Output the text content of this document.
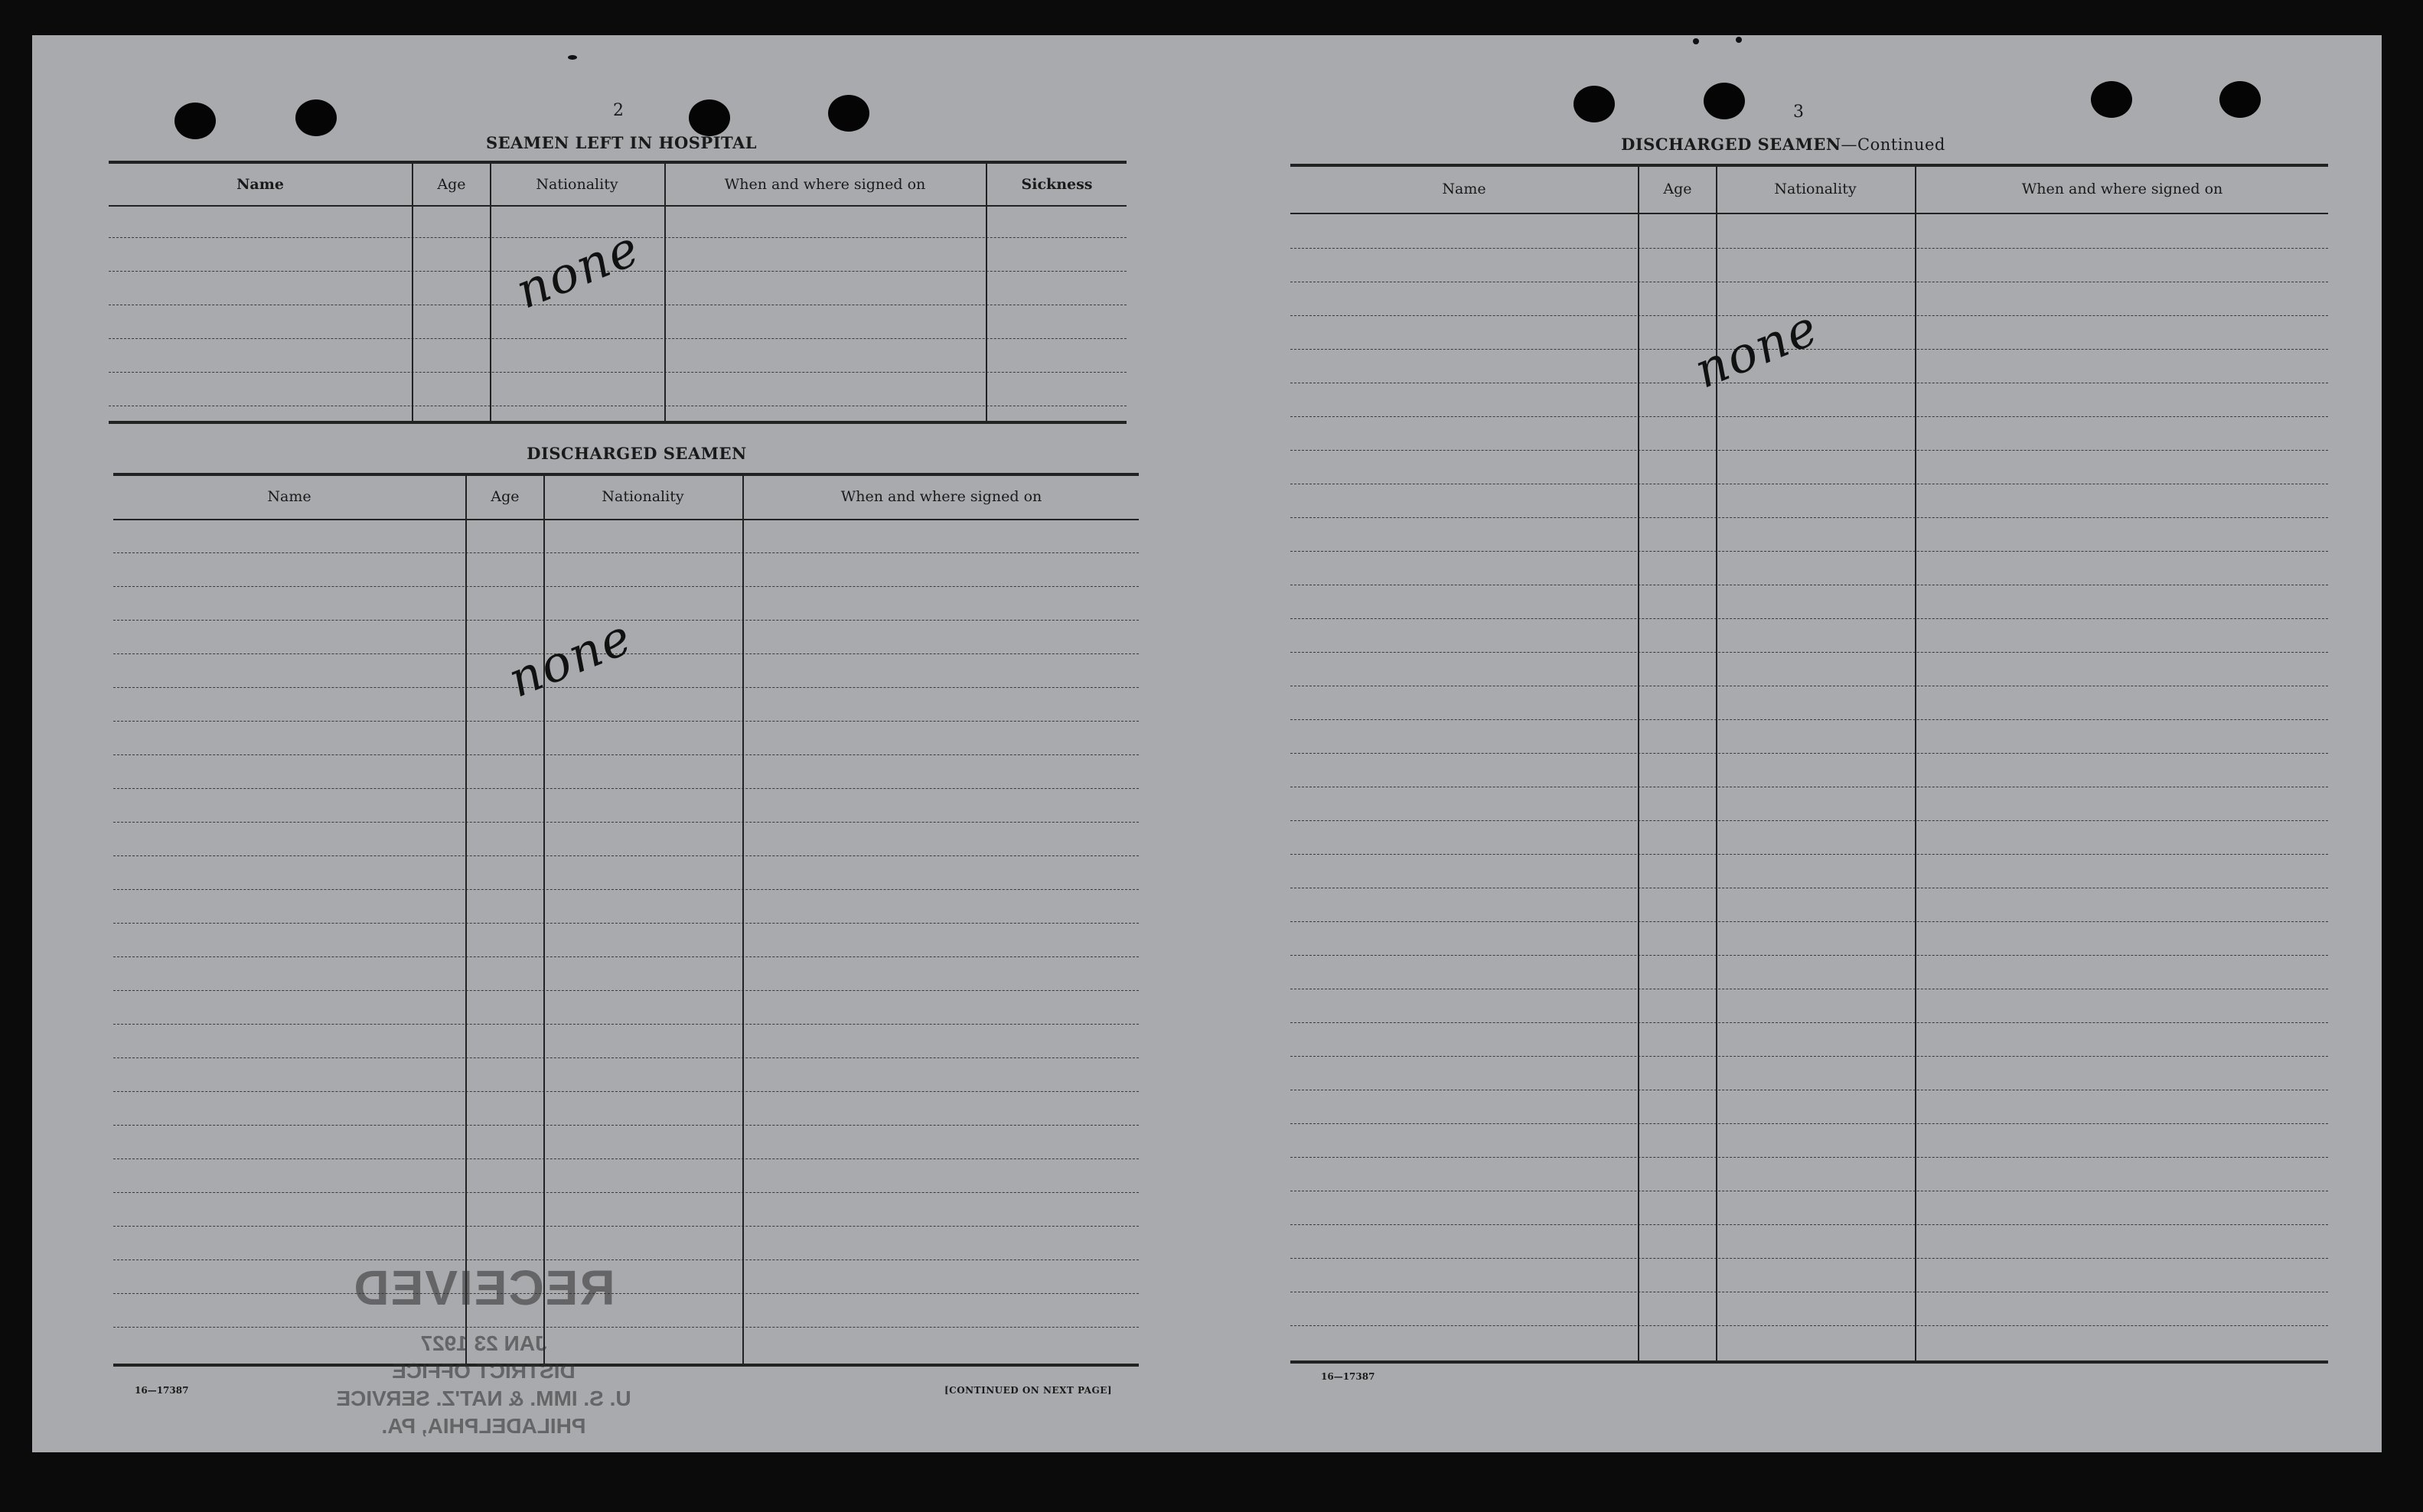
2
SEAMEN LEFT IN HOSPITAL
Name	Age	Nationality	When and where signed on	Sickness
none
DISCHARGED SEAMEN
Name	Age	Nationality	When and where signed on
none
16—17387	[CONTINUED ON NEXT PAGE]
RECEIVED
JAN 23 1927
DISTRICT OFFICE
U. S. IMM. & NAT'Z. SERVICE
PHILADELPHIA, PA.
3
DISCHARGED SEAMEN—Continued
Name	Age	Nationality	When and where signed on
none
16—17387
